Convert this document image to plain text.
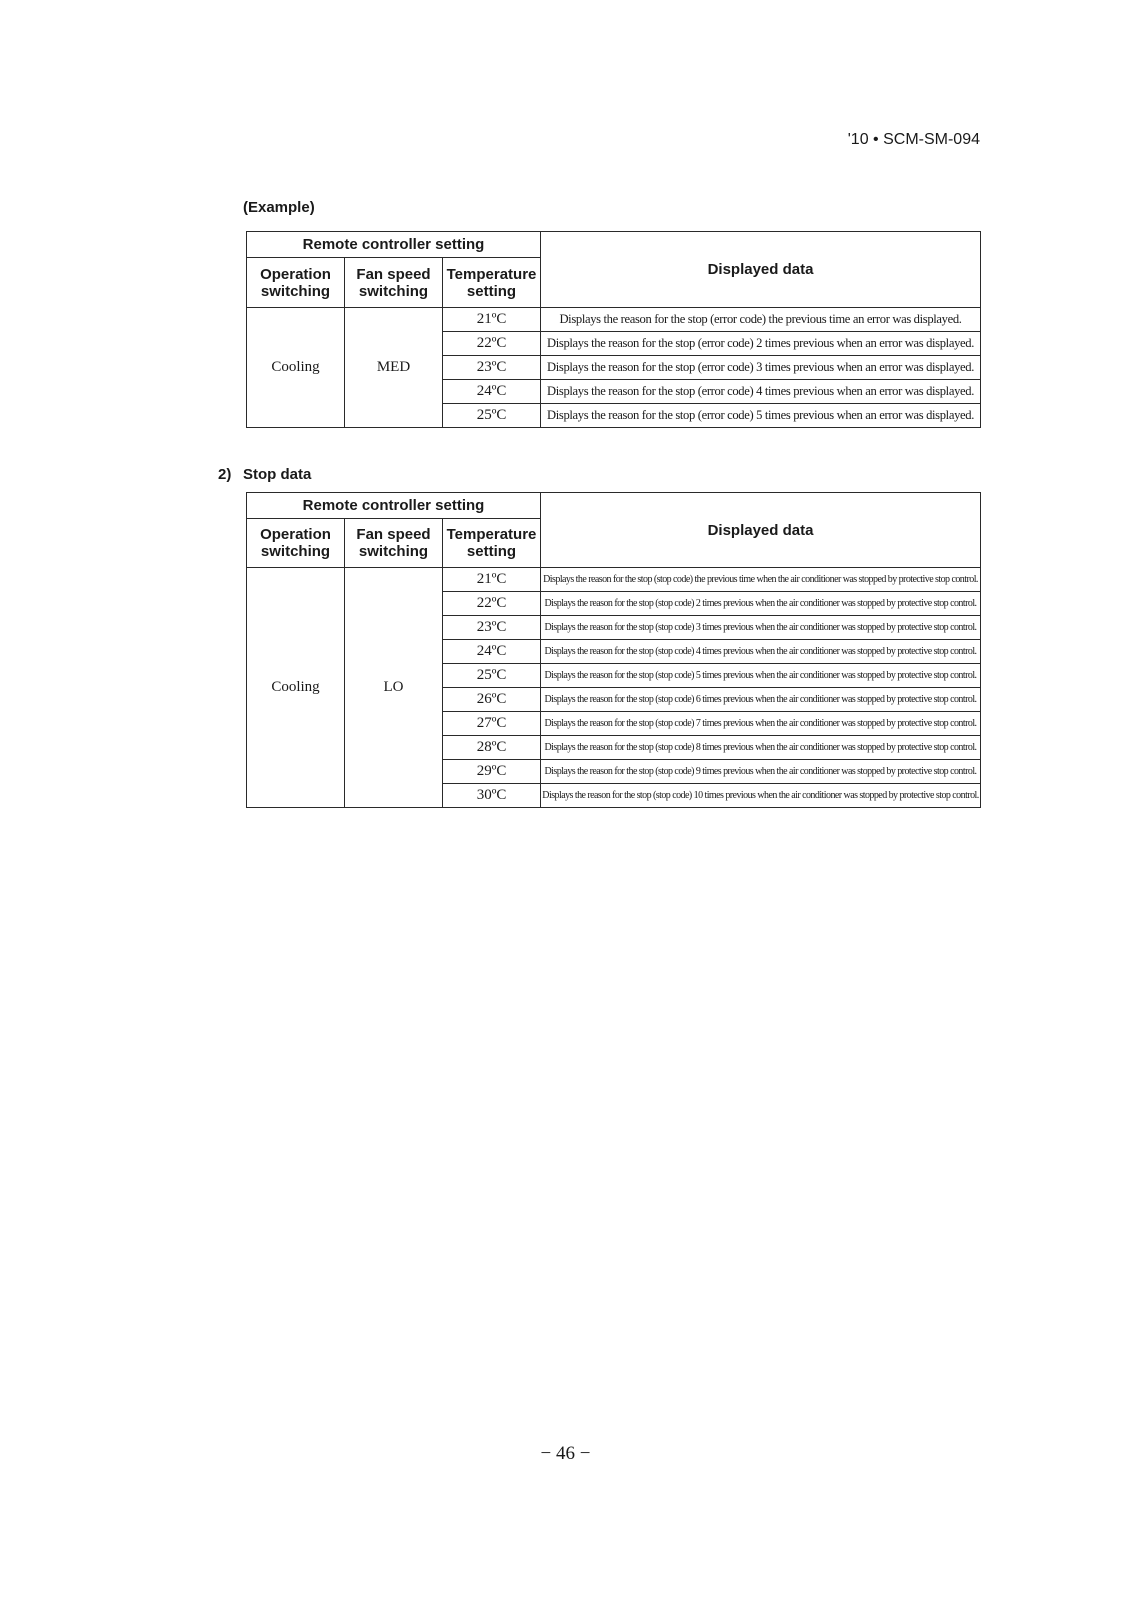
'10 • SCM-SM-094
(Example)
Remote controller setting			Displayed data
Operation switching	Fan speed switching	Temperature setting	
Cooling	MED	21ºC	Displays the reason for the stop (error code) the previous time an error was displayed.
		22ºC	Displays the reason for the stop (error code) 2 times previous when an error was displayed.
		23ºC	Displays the reason for the stop (error code) 3 times previous when an error was displayed.
		24ºC	Displays the reason for the stop (error code) 4 times previous when an error was displayed.
		25ºC	Displays the reason for the stop (error code) 5 times previous when an error was displayed.
2) Stop data
Remote controller setting			Displayed data
Operation switching	Fan speed switching	Temperature setting	
Cooling	LO	21ºC	Displays the reason for the stop (stop code) the previous time when the air conditioner was stopped by protective stop control.
		22ºC	Displays the reason for the stop (stop code) 2 times previous when the air conditioner was stopped by protective stop control.
		23ºC	Displays the reason for the stop (stop code) 3 times previous when the air conditioner was stopped by protective stop control.
		24ºC	Displays the reason for the stop (stop code) 4 times previous when the air conditioner was stopped by protective stop control.
		25ºC	Displays the reason for the stop (stop code) 5 times previous when the air conditioner was stopped by protective stop control.
		26ºC	Displays the reason for the stop (stop code) 6 times previous when the air conditioner was stopped by protective stop control.
		27ºC	Displays the reason for the stop (stop code) 7 times previous when the air conditioner was stopped by protective stop control.
		28ºC	Displays the reason for the stop (stop code) 8 times previous when the air conditioner was stopped by protective stop control.
		29ºC	Displays the reason for the stop (stop code) 9 times previous when the air conditioner was stopped by protective stop control.
		30ºC	Displays the reason for the stop (stop code) 10 times previous when the air conditioner was stopped by protective stop control.
− 46 −
